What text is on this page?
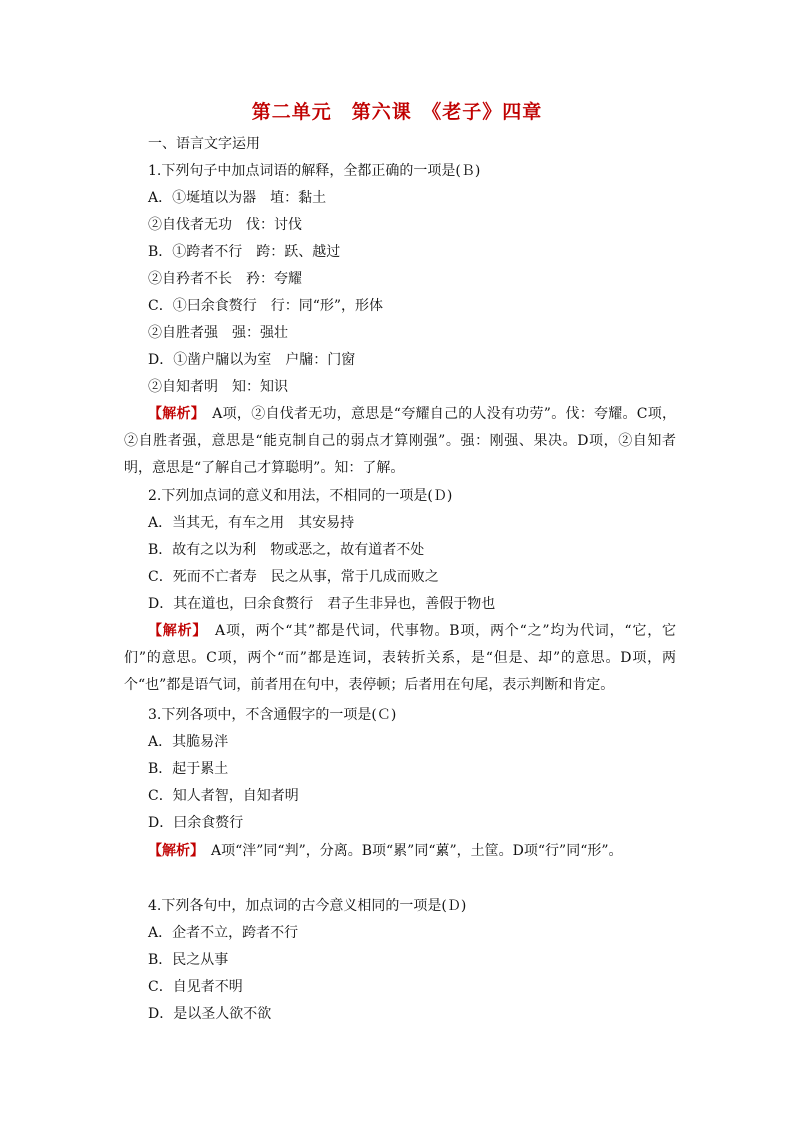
第二单元　第六课　《老子》四章
一、语言文字运用
1.下列句子中加点词语的解释，全都正确的一项是(Ｂ)
A．①埏埴以为器　埴：黏土
②自伐者无功　伐：讨伐
B．①跨者不行　跨：跃、越过
②自矜者不长　矜：夸耀
C．①曰余食赘行　行：同“形”，形体
②自胜者强　强：强壮
D．①凿户牖以为室　户牖：门窗
②自知者明　知：知识
【解析】　A项，②自伐者无功，意思是“夸耀自己的人没有功劳”。伐：夸耀。C项，②自胜者强，意思是“能克制自己的弱点才算刚强”。强：刚强、果决。D项，②自知者明，意思是“了解自己才算聪明”。知：了解。
2.下列加点词的意义和用法，不相同的一项是(Ｄ)
A．当其无，有车之用　其安易持
B．故有之以为利　物或恶之，故有道者不处
C．死而不亡者寿　民之从事，常于几成而败之
D．其在道也，曰余食赘行　君子生非异也，善假于物也
【解析】　A项，两个“其”都是代词，代事物。B项，两个“之”均为代词，“它，它们”的意思。C项，两个“而”都是连词，表转折关系，是“但是、却”的意思。D项，两个“也”都是语气词，前者用在句中，表停顿；后者用在句尾，表示判断和肯定。
3.下列各项中，不含通假字的一项是(Ｃ)
A．其脆易泮
B．起于累土
C．知人者智，自知者明
D．曰余食赘行
【解析】　A项“泮”同“判”，分离。B项“累”同“蔂”，土筐。D项“行”同“形”。
4.下列各句中，加点词的古今意义相同的一项是(Ｄ)
A．企者不立，跨者不行
B．民之从事
C．自见者不明
D．是以圣人欲不欲
